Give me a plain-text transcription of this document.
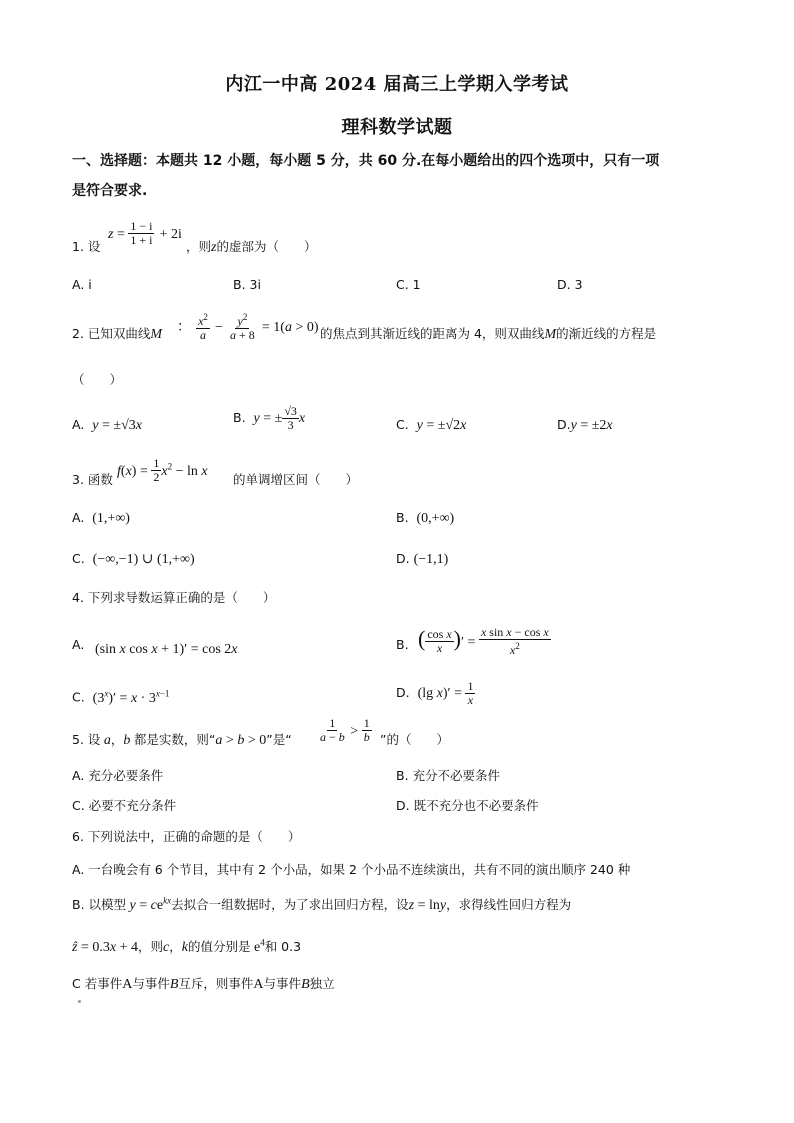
内江一中高 2024 届高三上学期入学考试
理科数学试题
一、选择题：本题共 12 小题，每小题 5 分，共 60 分.在每小题给出的四个选项中，只有一项
是符合要求.
1. 设
$z = \frac{1 - i}{1 + i} + 2i$
，则z的虚部为（　　）
A. i	B. 3i	C. 1	D. 3
2. 已知双曲线M ： $\frac{x^2}{a} - \frac{y^2}{a + 8} = 1(a > 0)$ 的焦点到其渐近线的距离为 4，则双曲线M的渐近线的方程是
（　　）
A. y = ±√3x
B. y = ± $\frac{√3}{3}$ x	C. y = ±√2x	D.y = ±2x
3. 函数
$f(x) = \frac{1}{2} x^2 - \ln x$
的单调增区间（　　）
A. (1,+∞)	B. (0,+∞)
C. (−∞,−1) ∪ (1,+∞)	D. (−1,1)
4. 下列求导数运算正确的是（　　）
A. (sin x cos x + 1)′ = cos 2x	B. ( $\frac{\text{cos x}}{x}$ )′ = $\frac{\text{x sin x − cos x}}{x^2}$
C. $(3^x)' = x \cdot 3^{x-1}$	D. (lg $x)' = \frac{1}{x}$
5. 设 a，b 都是实数，则“a > b > 0”是“ $\frac{1}{a - b} > \frac{1}{b}$ ”的（　　）
A. 充分必要条件	B. 充分不必要条件
C. 必要不充分条件	D. 既不充分也不必要条件
6. 下列说法中，正确的命题的是（　　）
A. 一台晚会有 6 个节目，其中有 2 个小品，如果 2 个小品不连续演出，共有不同的演出顺序 240 种
B. 以模型 $y = ce^{kx}$去拟合一组数据时，为了求出回归方程，设z = lny，求得线性回归方程为
ẑ = 0.3x + 4，则c，k的值分别是 $e^4$和 0.3
C 若事件A与事件B互斥，则事件A与事件B独立
